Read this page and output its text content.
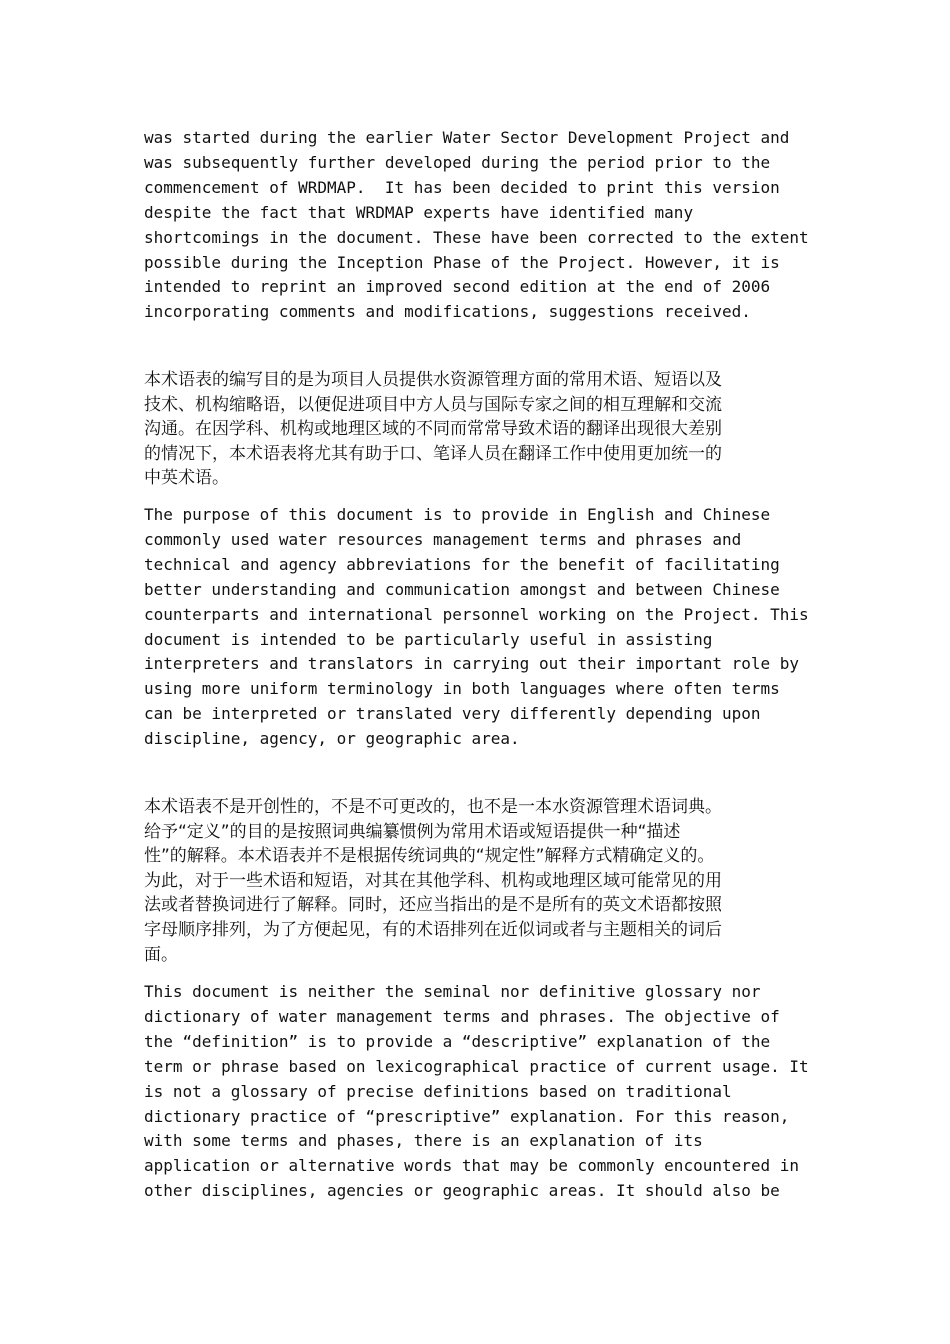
was started during the earlier Water Sector Development Project and
was subsequently further developed during the period prior to the
commencement of WRDMAP.  It has been decided to print this version
despite the fact that WRDMAP experts have identified many
shortcomings in the document. These have been corrected to the extent
possible during the Inception Phase of the Project. However, it is
intended to reprint an improved second edition at the end of 2006
incorporating comments and modifications, suggestions received.
本术语表的编写目的是为项目人员提供水资源管理方面的常用术语、短语以及
技术、机构缩略语，以便促进项目中方人员与国际专家之间的相互理解和交流
沟通。在因学科、机构或地理区域的不同而常常导致术语的翻译出现很大差别
的情况下，本术语表将尤其有助于口、笔译人员在翻译工作中使用更加统一的
中英术语。
The purpose of this document is to provide in English and Chinese
commonly used water resources management terms and phrases and
technical and agency abbreviations for the benefit of facilitating
better understanding and communication amongst and between Chinese
counterparts and international personnel working on the Project. This
document is intended to be particularly useful in assisting
interpreters and translators in carrying out their important role by
using more uniform terminology in both languages where often terms
can be interpreted or translated very differently depending upon
discipline, agency, or geographic area.
本术语表不是开创性的，不是不可更改的，也不是一本水资源管理术语词典。
给予“定义”的目的是按照词典编纂惯例为常用术语或短语提供一种“描述
性”的解释。本术语表并不是根据传统词典的“规定性”解释方式精确定义的。
为此，对于一些术语和短语，对其在其他学科、机构或地理区域可能常见的用
法或者替换词进行了解释。同时，还应当指出的是不是所有的英文术语都按照
字母顺序排列，为了方便起见，有的术语排列在近似词或者与主题相关的词后
面。
This document is neither the seminal nor definitive glossary nor
dictionary of water management terms and phrases. The objective of
the “definition” is to provide a “descriptive” explanation of the
term or phrase based on lexicographical practice of current usage. It
is not a glossary of precise definitions based on traditional
dictionary practice of “prescriptive” explanation. For this reason,
with some terms and phases, there is an explanation of its
application or alternative words that may be commonly encountered in
other disciplines, agencies or geographic areas. It should also be
